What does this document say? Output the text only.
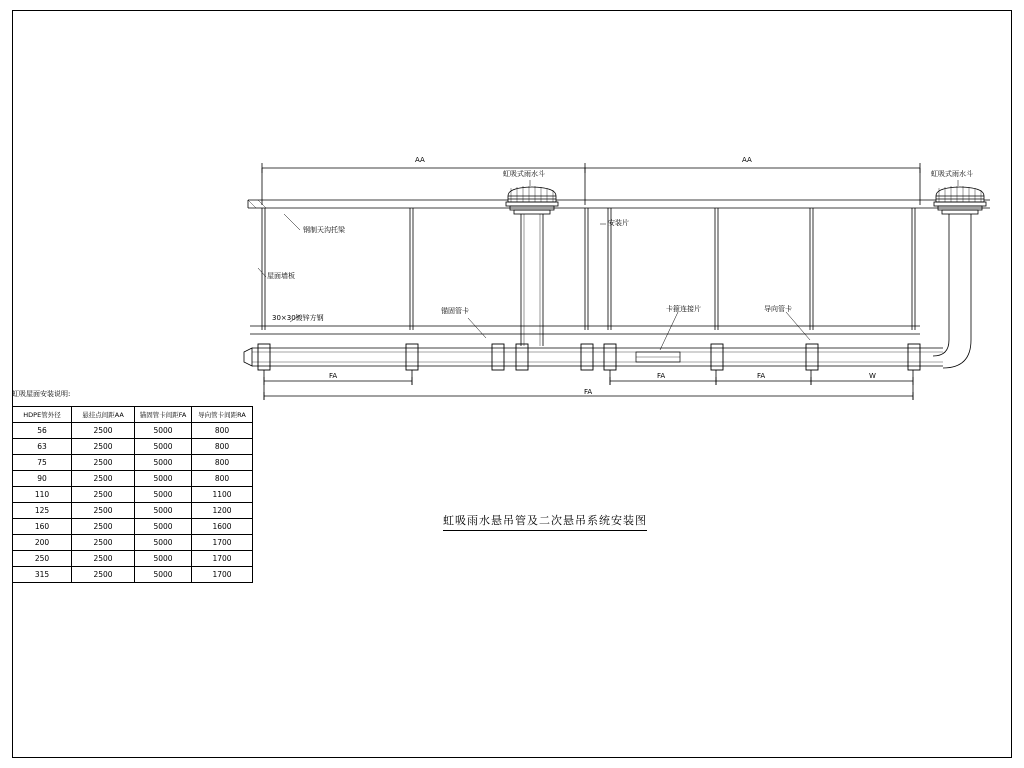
AA	AA
虹吸式雨水斗	虹吸式雨水斗
钢制天沟托梁
安装片
屋面墙板
30×30镀锌方钢
锚固管卡	卡箍连接片	导向管卡
FA	FA	FA	W
FA
虹吸雨水悬吊管及二次悬吊系统安装图
虹吸屋面安装说明:
HDPE管外径	悬挂点间距AA	锚固管卡间距FA	导向管卡间距RA
56	2500	5000	800
63	2500	5000	800
75	2500	5000	800
90	2500	5000	800
110	2500	5000	1100
125	2500	5000	1200
160	2500	5000	1600
200	2500	5000	1700
250	2500	5000	1700
315	2500	5000	1700
